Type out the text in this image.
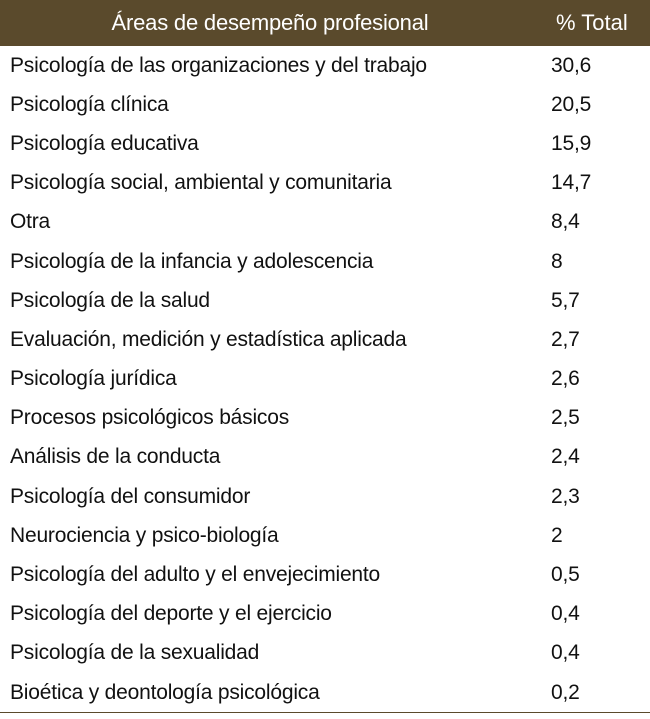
Áreas de desempeño profesional	% Total
Psicología de las organizaciones y del trabajo	30,6
Psicología clínica	20,5
Psicología educativa	15,9
Psicología social, ambiental y comunitaria	14,7
Otra	8,4
Psicología de la infancia y adolescencia	8
Psicología de la salud	5,7
Evaluación, medición y estadística aplicada	2,7
Psicología jurídica	2,6
Procesos psicológicos básicos	2,5
Análisis de la conducta	2,4
Psicología del consumidor	2,3
Neurociencia y psico-biología	2
Psicología del adulto y el envejecimiento	0,5
Psicología del deporte y el ejercicio	0,4
Psicología de la sexualidad	0,4
Bioética y deontología psicológica	0,2
